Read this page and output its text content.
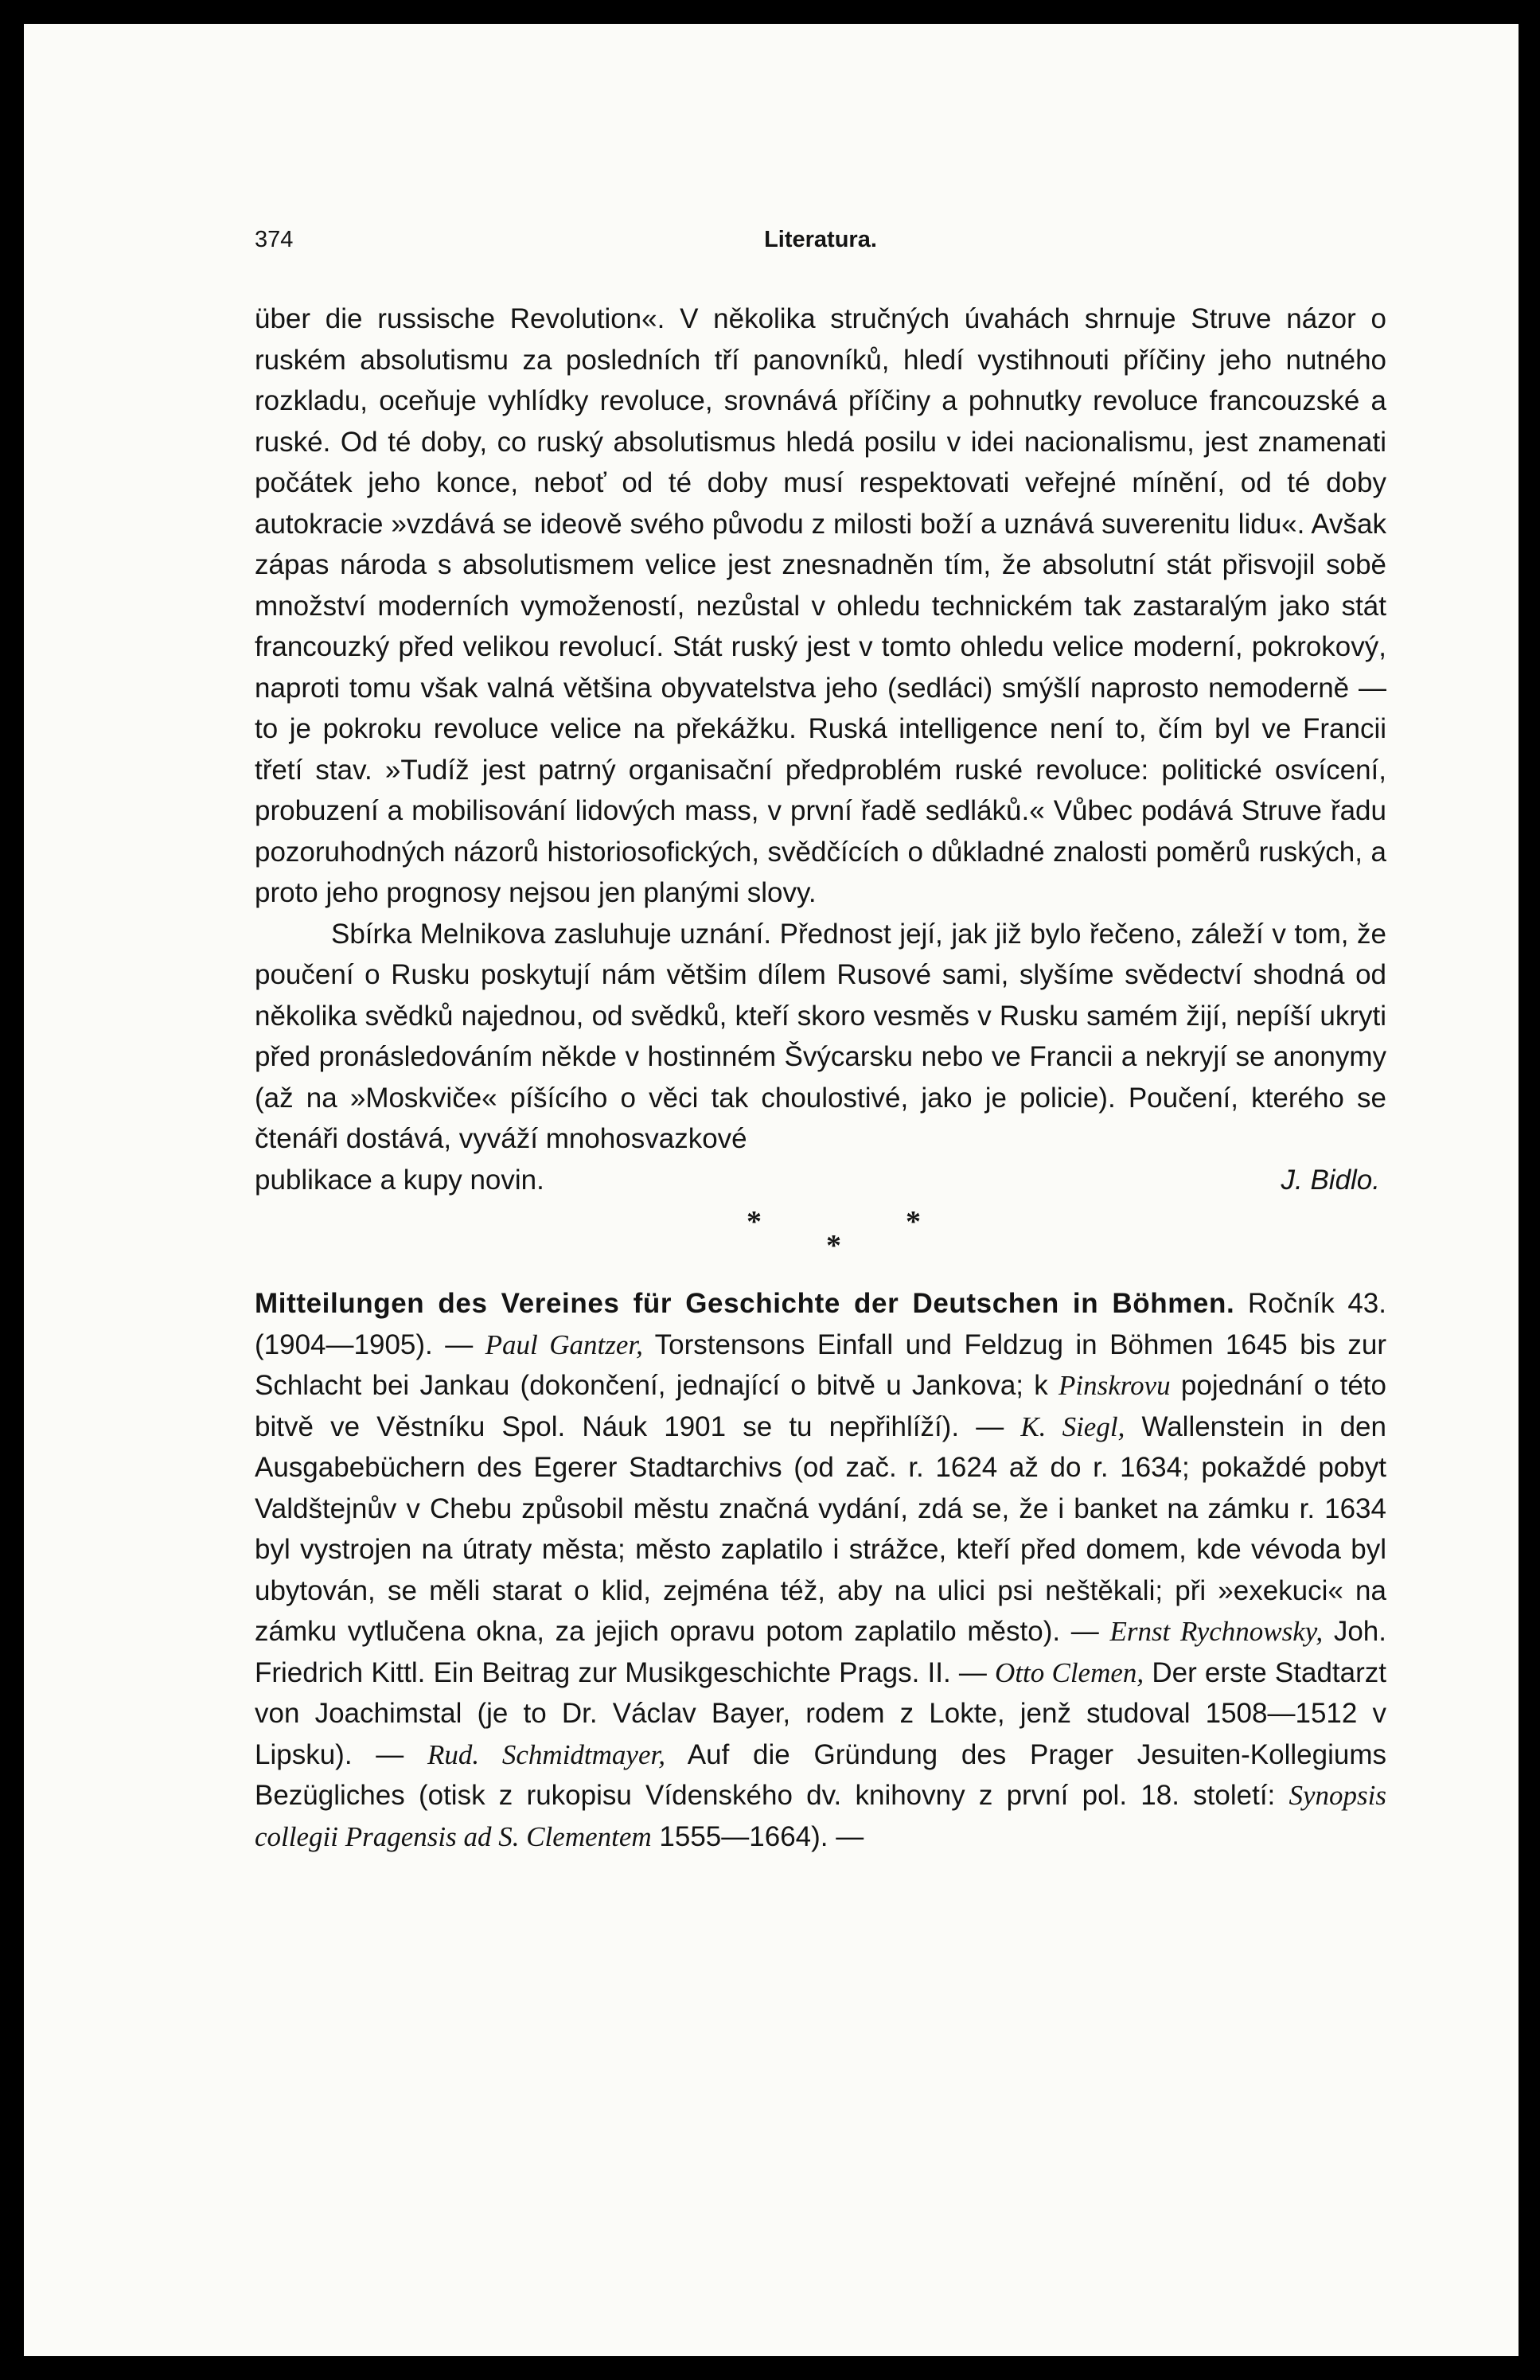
374	Literatura.

über die russische Revolution«. V několika stručných úvahách shrnuje Struve názor o ruském absolutismu za posledních tří panovníků, hledí vystihnouti příčiny jeho nutného rozkladu, oceňuje vyhlídky revoluce, srovnává příčiny a pohnutky revoluce francouzské a ruské. Od té doby, co ruský absolutismus hledá posilu v idei nacionalismu, jest znamenati počátek jeho konce, neboť od té doby musí respektovati veřejné mínění, od té doby autokracie »vzdává se ideově svého původu z milosti boží a uznává suverenitu lidu«. Avšak zápas národa s absolutismem velice jest znesnadněn tím, že absolutní stát přisvojil sobě množství moderních vymožeností, nezůstal v ohledu technickém tak zastaralým jako stát francouzký před velikou revolucí. Stát ruský jest v tomto ohledu velice moderní, pokrokový, naproti tomu však valná většina obyvatelstva jeho (sedláci) smýšlí naprosto nemoderně — to je pokroku revoluce velice na překážku. Ruská intelligence není to, čím byl ve Francii třetí stav. »Tudíž jest patrný organisační předproblém ruské revoluce: politické osvícení, probuzení a mobilisování lidových mass, v první řadě sedláků.« Vůbec podává Struve řadu pozoruhodných názorů historiosofických, svědčících o důkladné znalosti poměrů ruských, a proto jeho prognosy nejsou jen planými slovy.

Sbírka Melnikova zasluhuje uznání. Přednost její, jak již bylo řečeno, záleží v tom, že poučení o Rusku poskytují nám většim dílem Rusové sami, slyšíme svědectví shodná od několika svědků najednou, od svědků, kteří skoro vesměs v Rusku samém žijí, nepíší ukryti před pronásledováním někde v hostinném Švýcarsku nebo ve Francii a nekryjí se anonymy (až na »Moskviče« píšícího o věci tak choulostivé, jako je policie). Poučení, kterého se čtenáři dostává, vyváží mnohosvazkové

publikace a kupy novin.	J. Bidlo.
*
*
*

Mitteilungen des Vereines für Geschichte der Deutschen in Böhmen. Ročník 43. (1904—1905). — Paul Gantzer, Torstensons Einfall und Feldzug in Böhmen 1645 bis zur Schlacht bei Jankau (dokončení, jednající o bitvě u Jankova; k Pinskrovu pojednání o této bitvě ve Věstníku Spol. Náuk 1901 se tu nepřihlíží). — K. Siegl, Wallenstein in den Ausgabebüchern des Egerer Stadtarchivs (od zač. r. 1624 až do r. 1634; pokaždé pobyt Valdštejnův v Chebu způsobil městu značná vydání, zdá se, že i banket na zámku r. 1634 byl vystrojen na útraty města; město zaplatilo i strážce, kteří před domem, kde vévoda byl ubytován, se měli starat o klid, zejména též, aby na ulici psi neštěkali; při »exekuci« na zámku vytlučena okna, za jejich opravu potom zaplatilo město). — Ernst Rychnowsky, Joh. Friedrich Kittl. Ein Beitrag zur Musikgeschichte Prags. II. — Otto Clemen, Der erste Stadtarzt von Joachimstal (je to Dr. Václav Bayer, rodem z Lokte, jenž studoval 1508—1512 v Lipsku). — Rud. Schmidtmayer, Auf die Gründung des Prager Jesuiten-Kollegiums Bezügliches (otisk z rukopisu Vídenského dv. knihovny z první pol. 18. století: Synopsis collegii Pragensis ad S. Clementem 1555—1664). —
